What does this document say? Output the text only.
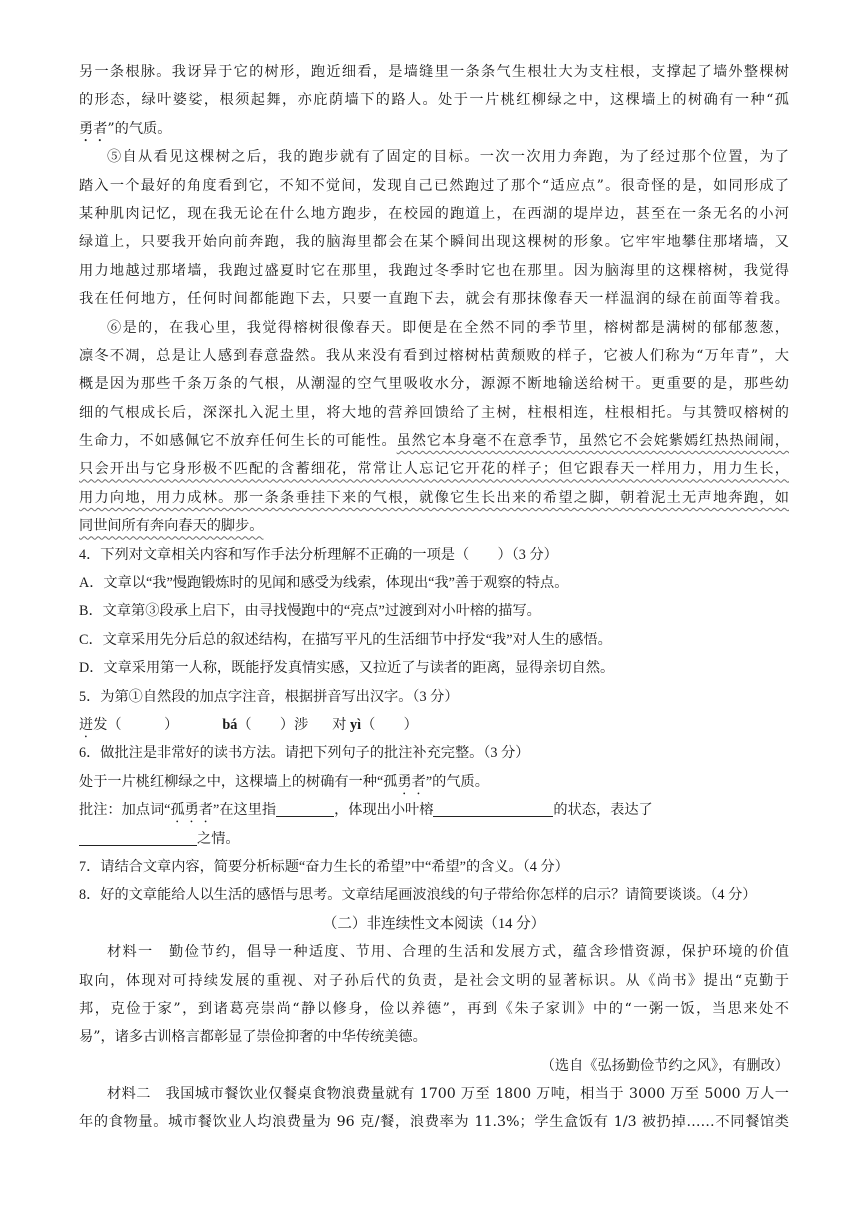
另一条根脉。我讶异于它的树形，跑近细看，是墙缝里一条条气生根壮大为支柱根，支撑起了墙外整棵树
的形态，绿叶婆娑，根须起舞，亦庇荫墙下的路人。处于一片桃红柳绿之中，这棵墙上的树确有一种“孤
勇者”的气质。
⑤自从看见这棵树之后，我的跑步就有了固定的目标。一次一次用力奔跑，为了经过那个位置，为了
踏入一个最好的角度看到它，不知不觉间，发现自己已然跑过了那个“适应点”。很奇怪的是，如同形成了
某种肌肉记忆，现在我无论在什么地方跑步，在校园的跑道上，在西湖的堤岸边，甚至在一条无名的小河
绿道上，只要我开始向前奔跑，我的脑海里都会在某个瞬间出现这棵树的形象。它牢牢地攀住那堵墙，又
用力地越过那堵墙，我跑过盛夏时它在那里，我跑过冬季时它也在那里。因为脑海里的这棵榕树，我觉得
我在任何地方，任何时间都能跑下去，只要一直跑下去，就会有那抹像春天一样温润的绿在前面等着我。
⑥是的，在我心里，我觉得榕树很像春天。即便是在全然不同的季节里，榕树都是满树的郁郁葱葱，
凛冬不凋，总是让人感到春意盎然。我从来没有看到过榕树枯黄颓败的样子，它被人们称为“万年青”，大
概是因为那些千条万条的气根，从潮湿的空气里吸收水分，源源不断地输送给树干。更重要的是，那些幼
细的气根成长后，深深扎入泥土里，将大地的营养回馈给了主树，柱根相连，柱根相托。与其赞叹榕树的
生命力，不如感佩它不放弃任何生长的可能性。虽然它本身毫不在意季节，虽然它不会姹紫嫣红热热闹闹，
只会开出与它身形极不匹配的含蓄细花，常常让人忘记它开花的样子；但它跟春天一样用力，用力生长，
用力向地，用力成林。那一条条垂挂下来的气根，就像它生长出来的希望之脚，朝着泥土无声地奔跑，如
同世间所有奔向春天的脚步。
4．下列对文章相关内容和写作手法分析理解不正确的一项是（　　）（3 分）
A．文章以“我”慢跑锻炼时的见闻和感受为线索，体现出“我”善于观察的特点。
B．文章第③段承上启下，由寻找慢跑中的“亮点”过渡到对小叶榕的描写。
C．文章采用先分后总的叙述结构，在描写平凡的生活细节中抒发“我”对人生的感悟。
D．文章采用第一人称，既能抒发真情实感，又拉近了与读者的距离，显得亲切自然。
5．为第①自然段的加点字注音，根据拼音写出汉字。（3 分）
迸发（　　　）	bá（　　）涉 对 yì（　　）
6．做批注是非常好的读书方法。请把下列句子的批注补充完整。（3 分）
处于一片桃红柳绿之中，这棵墙上的树确有一种“孤勇者”的气质。
批注：加点词“孤勇者”在这里指	，体现出小叶榕	的状态，表达了
之情。
7．请结合文章内容，简要分析标题“奋力生长的希望”中“希望”的含义。（4 分）
8．好的文章能给人以生活的感悟与思考。文章结尾画波浪线的句子带给你怎样的启示？请简要谈谈。（4 分）
（二）非连续性文本阅读（14 分）
材料一　勤俭节约，倡导一种适度、节用、合理的生活和发展方式，蕴含珍惜资源，保护环境的价值
取向，体现对可持续发展的重视、对子孙后代的负责，是社会文明的显著标识。从《尚书》提出“克勤于
邦，克俭于家”，到诸葛亮崇尚“静以修身，俭以养德”，再到《朱子家训》中的“一粥一饭，当思来处不
易”，诸多古训格言都彰显了崇俭抑奢的中华传统美德。
（选自《弘扬勤俭节约之风》，有删改）
材料二　我国城市餐饮业仅餐桌食物浪费量就有 1700 万至 1800 万吨，相当于 3000 万至 5000 万人一
年的食物量。城市餐饮业人均浪费量为 96 克/餐，浪费率为 11.3%；学生盒饭有 1/3 被扔掉……不同餐馆类
